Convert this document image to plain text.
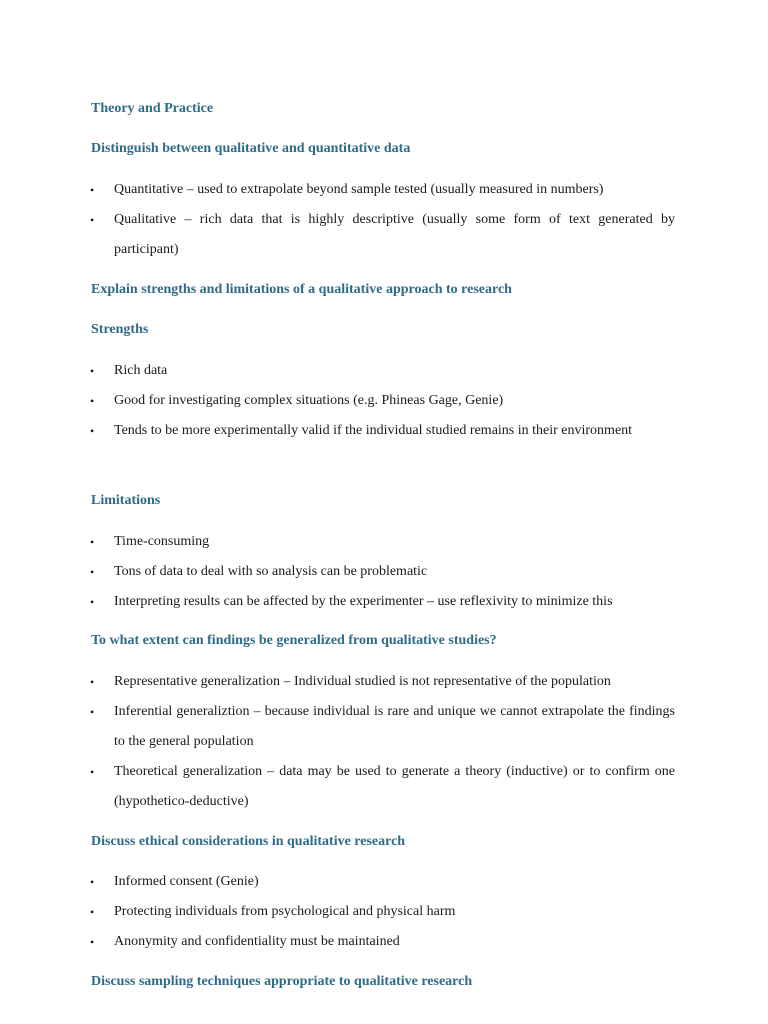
Theory and Practice
Distinguish between qualitative and quantitative data
• Quantitative – used to extrapolate beyond sample tested (usually measured in numbers)
• Qualitative – rich data that is highly descriptive (usually some form of text generated by participant)
Explain strengths and limitations of a qualitative approach to research
Strengths
• Rich data
• Good for investigating complex situations (e.g. Phineas Gage, Genie)
• Tends to be more experimentally valid if the individual studied remains in their environment
Limitations
• Time-consuming
• Tons of data to deal with so analysis can be problematic
• Interpreting results can be affected by the experimenter – use reflexivity to minimize this
To what extent can findings be generalized from qualitative studies?
• Representative generalization – Individual studied is not representative of the population
• Inferential generaliztion – because individual is rare and unique we cannot extrapolate the findings to the general population
• Theoretical generalization – data may be used to generate a theory (inductive) or to confirm one (hypothetico-deductive)
Discuss ethical considerations in qualitative research
• Informed consent (Genie)
• Protecting individuals from psychological and physical harm
• Anonymity and confidentiality must be maintained
Discuss sampling techniques appropriate to qualitative research
